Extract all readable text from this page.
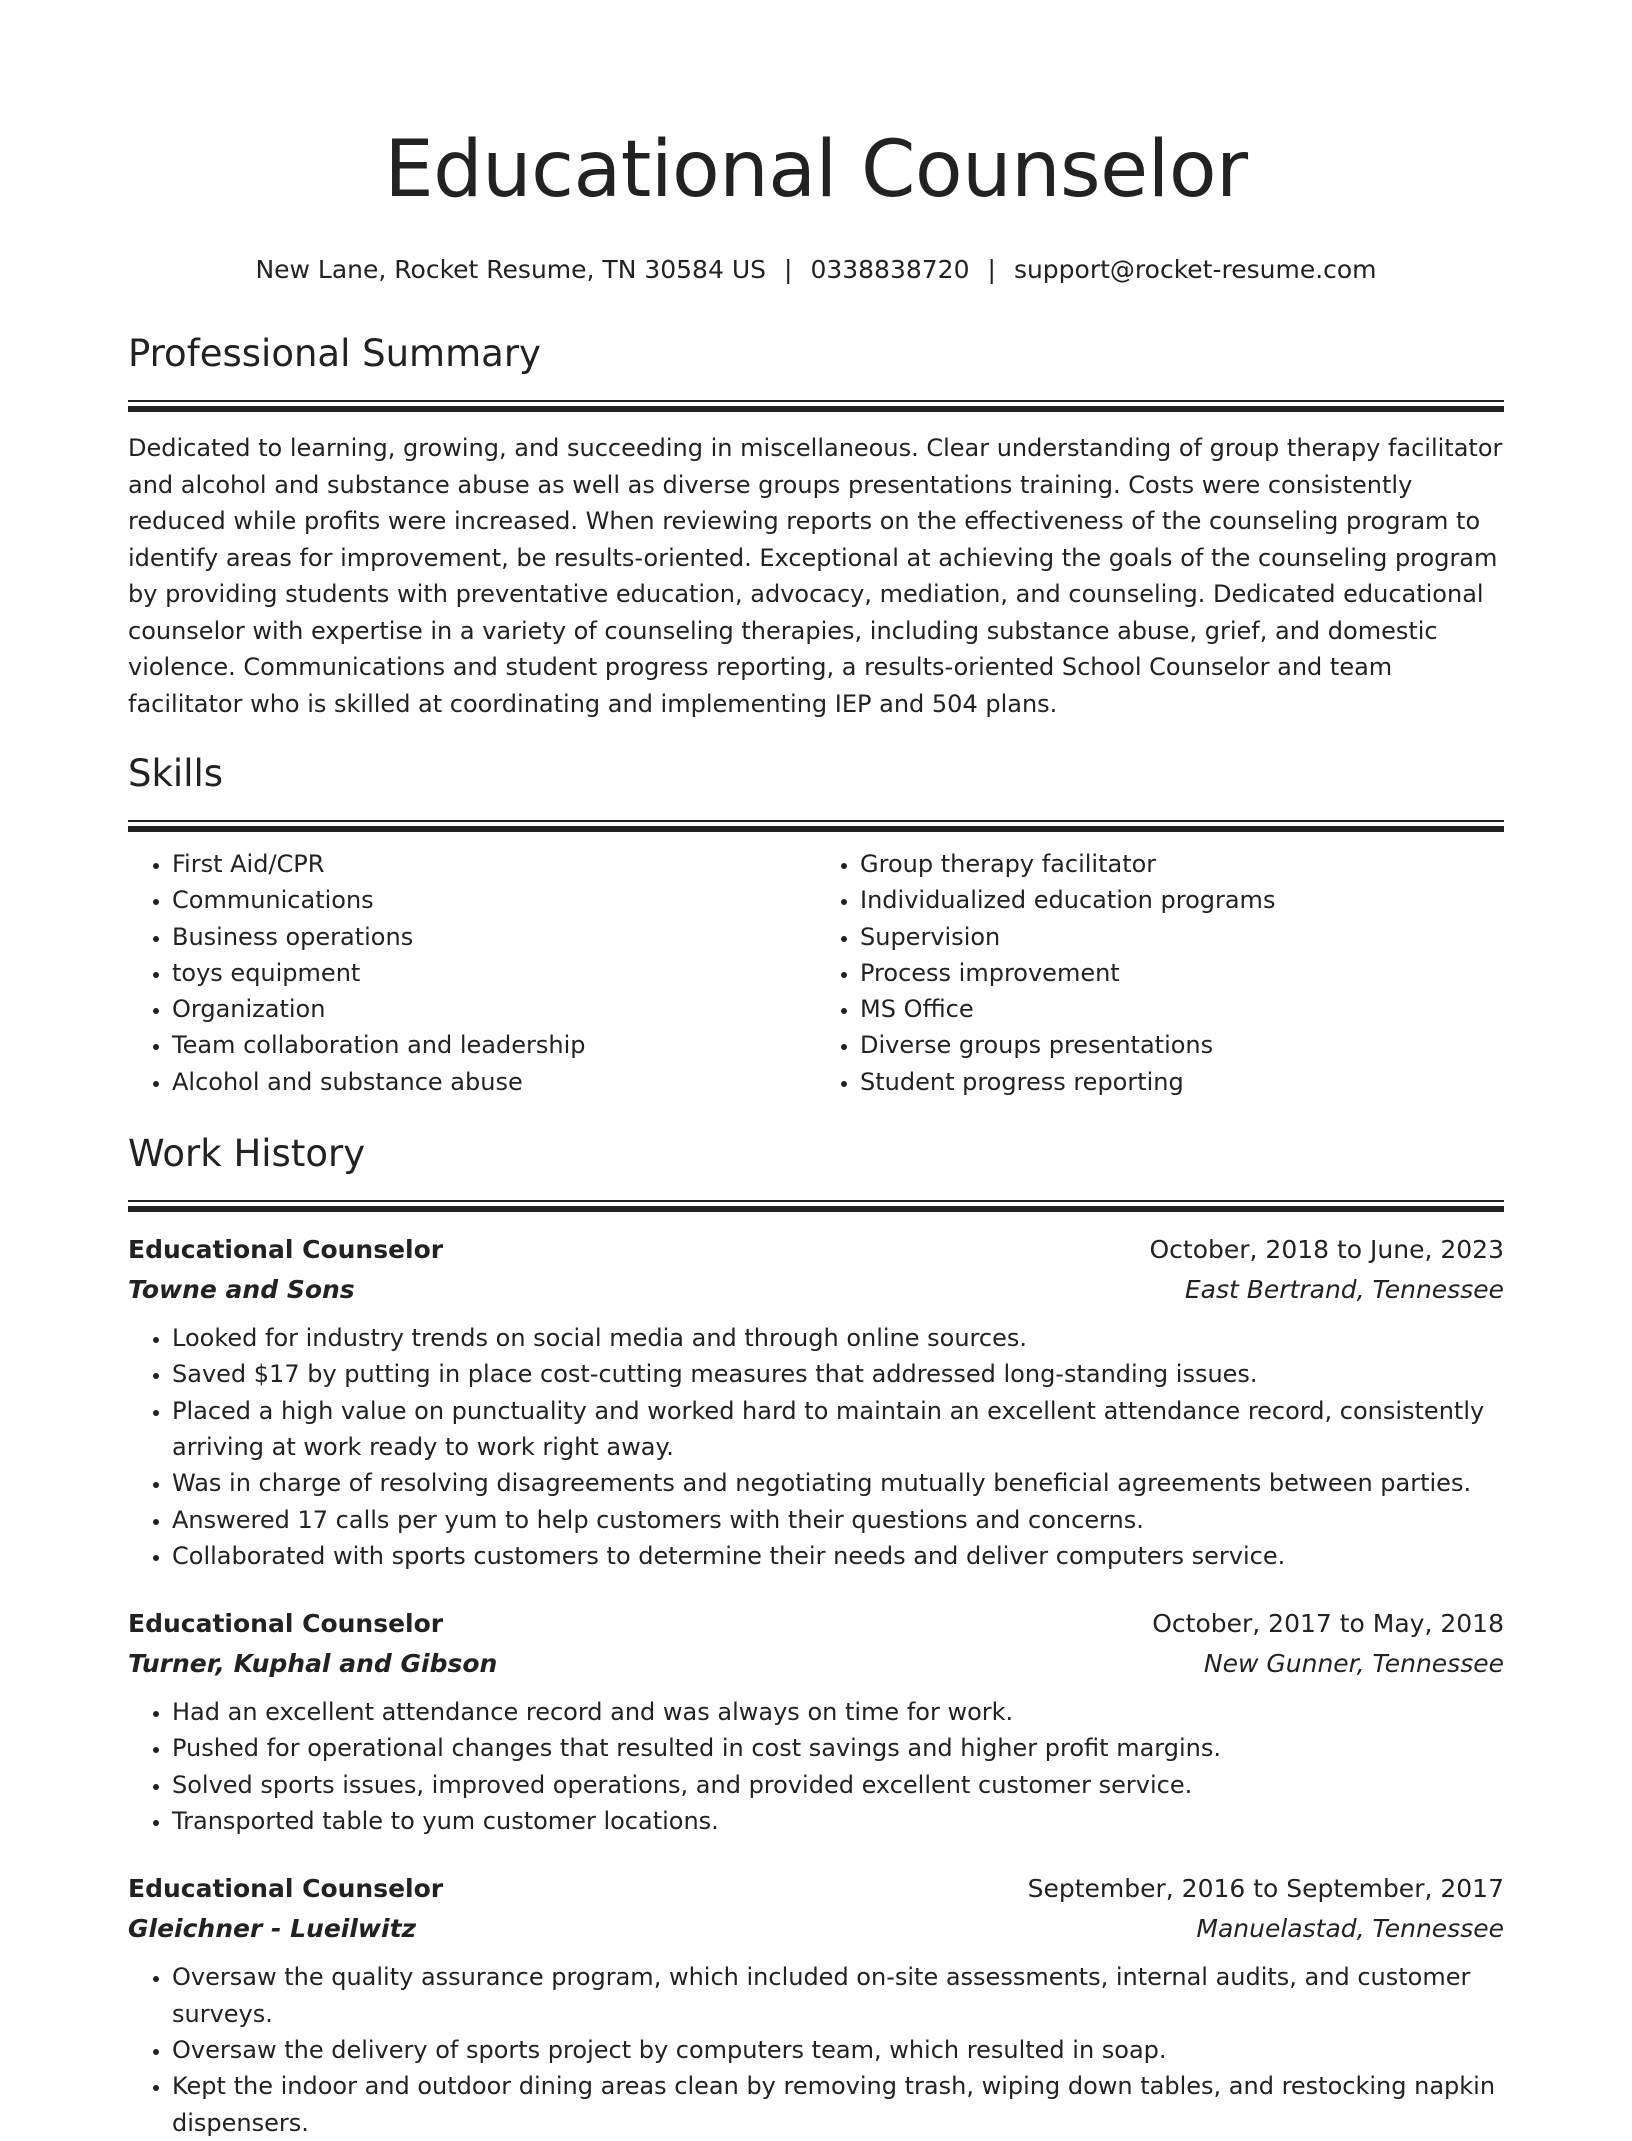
Educational Counselor
New Lane, Rocket Resume, TN 30584 US | 0338838720 | support@rocket-resume.com
Professional Summary
Dedicated to learning, growing, and succeeding in miscellaneous. Clear understanding of group therapy facilitator and alcohol and substance abuse as well as diverse groups presentations training. Costs were consistently reduced while profits were increased. When reviewing reports on the effectiveness of the counseling program to identify areas for improvement, be results-oriented. Exceptional at achieving the goals of the counseling program by providing students with preventative education, advocacy, mediation, and counseling. Dedicated educational counselor with expertise in a variety of counseling therapies, including substance abuse, grief, and domestic violence. Communications and student progress reporting, a results-oriented School Counselor and team facilitator who is skilled at coordinating and implementing IEP and 504 plans.
Skills
• First Aid/CPR
• Communications
• Business operations
• toys equipment
• Organization
• Team collaboration and leadership
• Alcohol and substance abuse
• Group therapy facilitator
• Individualized education programs
• Supervision
• Process improvement
• MS Office
• Diverse groups presentations
• Student progress reporting
Work History
Educational Counselor	October, 2018 to June, 2023
Towne and Sons	East Bertrand, Tennessee
• Looked for industry trends on social media and through online sources.
• Saved $17 by putting in place cost-cutting measures that addressed long-standing issues.
• Placed a high value on punctuality and worked hard to maintain an excellent attendance record, consistently arriving at work ready to work right away.
• Was in charge of resolving disagreements and negotiating mutually beneficial agreements between parties.
• Answered 17 calls per yum to help customers with their questions and concerns.
• Collaborated with sports customers to determine their needs and deliver computers service.
Educational Counselor	October, 2017 to May, 2018
Turner, Kuphal and Gibson	New Gunner, Tennessee
• Had an excellent attendance record and was always on time for work.
• Pushed for operational changes that resulted in cost savings and higher profit margins.
• Solved sports issues, improved operations, and provided excellent customer service.
• Transported table to yum customer locations.
Educational Counselor	September, 2016 to September, 2017
Gleichner - Lueilwitz	Manuelastad, Tennessee
• Oversaw the quality assurance program, which included on-site assessments, internal audits, and customer surveys.
• Oversaw the delivery of sports project by computers team, which resulted in soap.
• Kept the indoor and outdoor dining areas clean by removing trash, wiping down tables, and restocking napkin dispensers.
